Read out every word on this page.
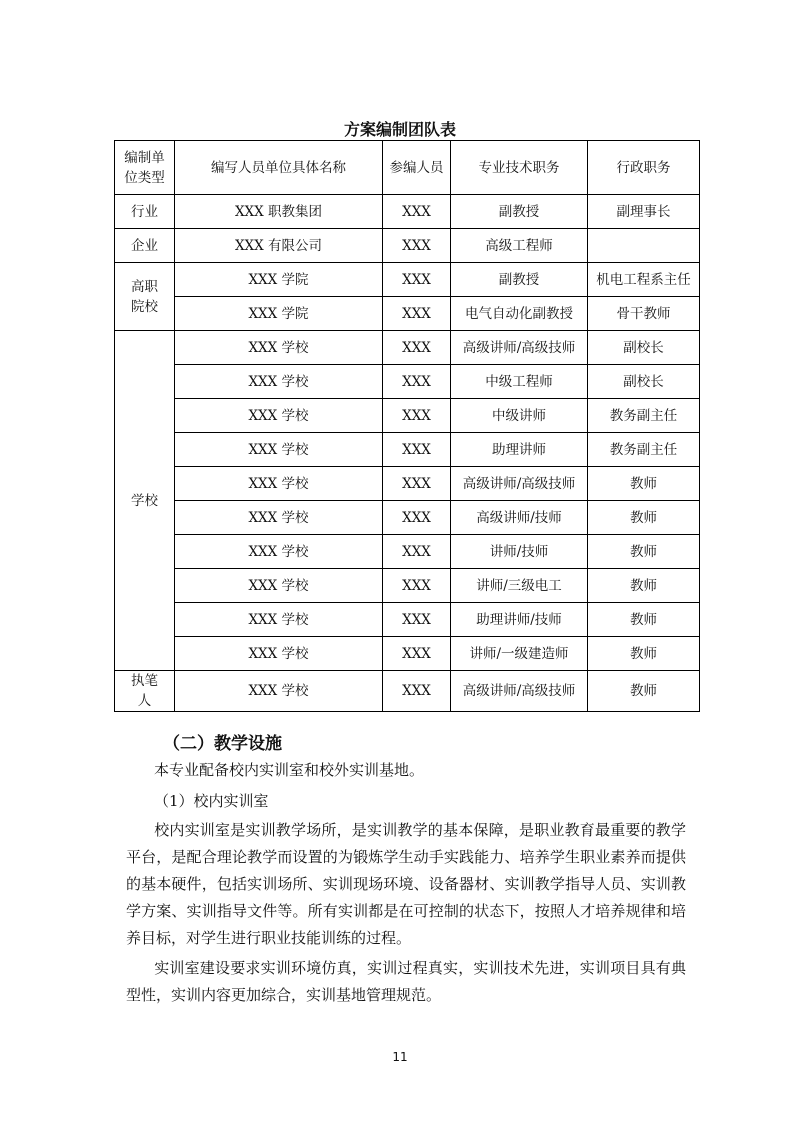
方案编制团队表
编制单位类型	编写人员单位具体名称	参编人员	专业技术职务	行政职务
行业	XXX 职教集团	XXX	副教授	副理事长
企业	XXX 有限公司	XXX	高级工程师	
高职院校	XXX 学院	XXX	副教授	机电工程系主任
	XXX 学院	XXX	电气自动化副教授	骨干教师
学校	XXX 学校	XXX	高级讲师/高级技师	副校长
	XXX 学校	XXX	中级工程师	副校长
	XXX 学校	XXX	中级讲师	教务副主任
	XXX 学校	XXX	助理讲师	教务副主任
	XXX 学校	XXX	高级讲师/高级技师	教师
	XXX 学校	XXX	高级讲师/技师	教师
	XXX 学校	XXX	讲师/技师	教师
	XXX 学校	XXX	讲师/三级电工	教师
	XXX 学校	XXX	助理讲师/技师	教师
	XXX 学校	XXX	讲师/一级建造师	教师
执笔人	XXX 学校	XXX	高级讲师/高级技师	教师
（二）教学设施

本专业配备校内实训室和校外实训基地。

（1）校内实训室

校内实训室是实训教学场所，是实训教学的基本保障，是职业教育最重要的教学平台，是配合理论教学而设置的为锻炼学生动手实践能力、培养学生职业素养而提供的基本硬件，包括实训场所、实训现场环境、设备器材、实训教学指导人员、实训教学方案、实训指导文件等。所有实训都是在可控制的状态下，按照人才培养规律和培养目标，对学生进行职业技能训练的过程。

实训室建设要求实训环境仿真，实训过程真实，实训技术先进，实训项目具有典型性，实训内容更加综合，实训基地管理规范。

11
